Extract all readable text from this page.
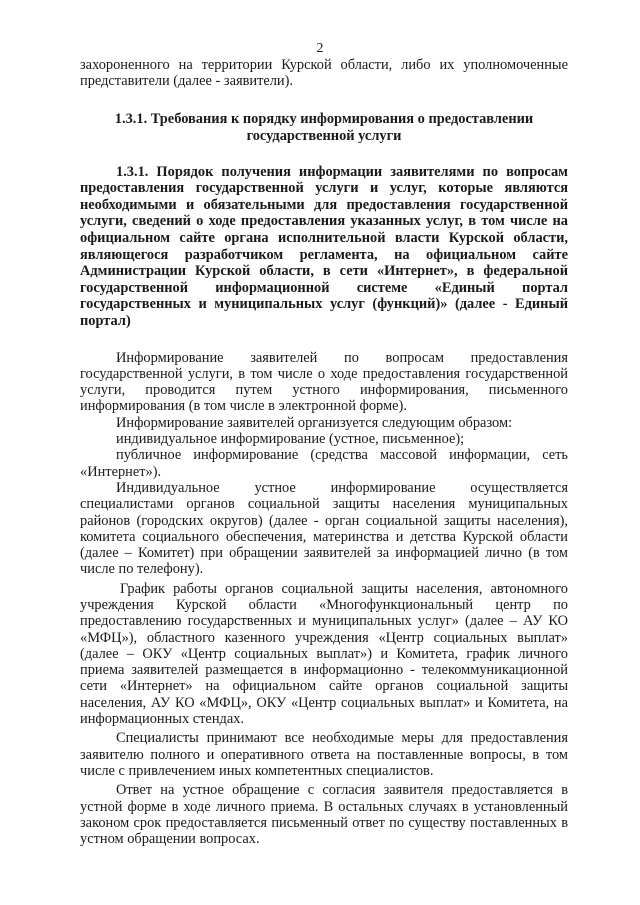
2

захороненного на территории Курской области, либо их уполномоченные представители (далее - заявители).

1.3.1. Требования к порядку информирования о предоставлении государственной услуги

1.3.1. Порядок получения информации заявителями по вопросам предоставления государственной услуги и услуг, которые являются необходимыми и обязательными для предоставления государственной услуги, сведений о ходе предоставления указанных услуг, в том числе на официальном сайте органа исполнительной власти Курской области, являющегося разработчиком регламента, на официальном сайте Администрации Курской области, в сети «Интернет», в федеральной государственной информационной системе «Единый портал государственных и муниципальных услуг (функций)» (далее - Единый портал)

Информирование заявителей по вопросам предоставления государственной услуги, в том числе о ходе предоставления государственной услуги, проводится путем устного информирования, письменного информирования (в том числе в электронной форме).

Информирование заявителей организуется следующим образом:

индивидуальное информирование (устное, письменное);

публичное информирование (средства массовой информации, сеть «Интернет»).

Индивидуальное устное информирование осуществляется специалистами органов социальной защиты населения муниципальных районов (городских округов) (далее - орган социальной защиты населения), комитета социального обеспечения, материнства и детства Курской области (далее – Комитет) при обращении заявителей за информацией лично (в том числе по телефону).

График работы органов социальной защиты населения, автономного учреждения Курской области «Многофункциональный центр по предоставлению государственных и муниципальных услуг» (далее – АУ КО «МФЦ»), областного казенного учреждения «Центр социальных выплат» (далее – ОКУ «Центр социальных выплат») и Комитета, график личного приема заявителей размещается в информационно - телекоммуникационной сети «Интернет» на официальном сайте органов социальной защиты населения, АУ КО «МФЦ», ОКУ «Центр социальных выплат» и Комитета, на информационных стендах.

Специалисты принимают все необходимые меры для предоставления заявителю полного и оперативного ответа на поставленные вопросы, в том числе с привлечением иных компетентных специалистов.

Ответ на устное обращение с согласия заявителя предоставляется в устной форме в ходе личного приема. В остальных случаях в установленный законом срок предоставляется письменный ответ по существу поставленных в устном обращении вопросах.
